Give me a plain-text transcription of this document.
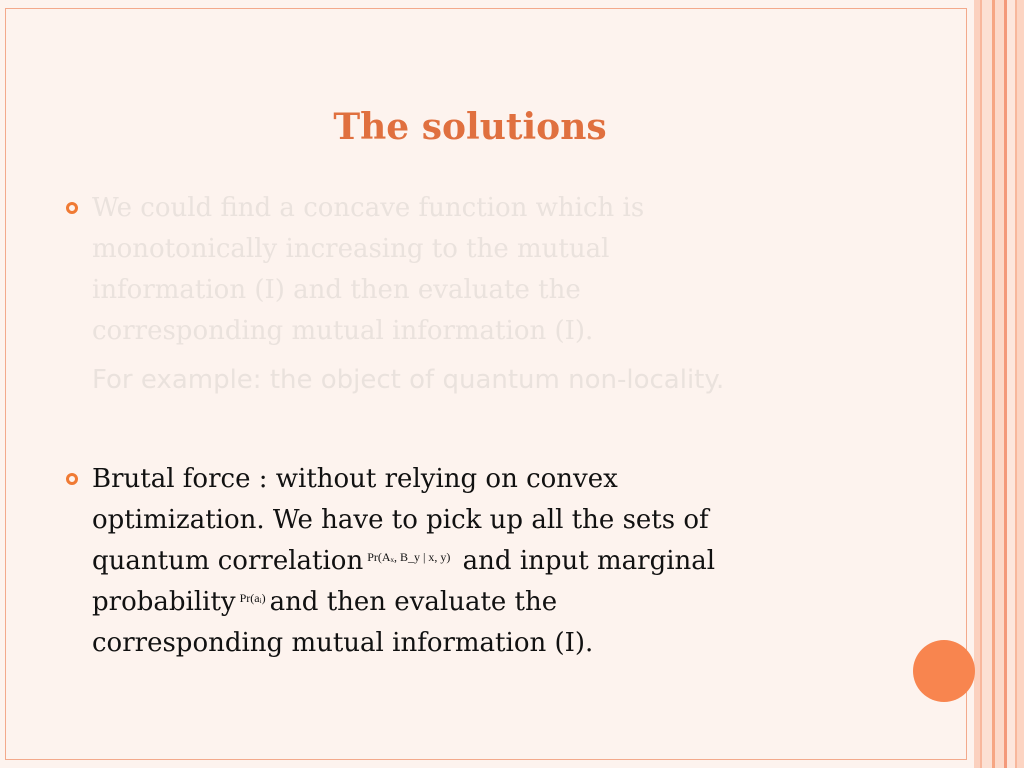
The solutions
We could find a concave function which is
monotonically increasing to the mutual
information (I) and then evaluate the
corresponding mutual information (I).
For example: the object of quantum non-locality.
Brutal force : without relying on convex
optimization. We have to pick up all the sets of
quantum correlation Pr(Aₓ, B_y | x, y) and input marginal
probability Pr(aᵢ) and then evaluate the
corresponding mutual information (I).
